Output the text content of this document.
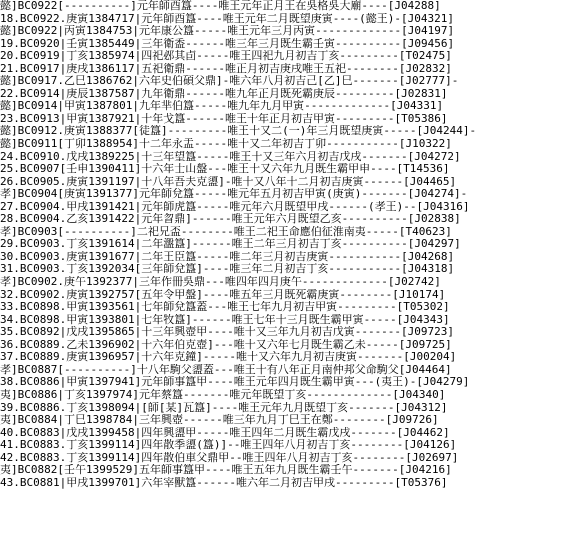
懿]BC0922[----------]元年師酉簋----唯王元年正月王在吳格吳大廟----[J04288]
18.BC0922.庚寅1384717|元年師酉簋----唯王元年二月既望庚寅----(懿王)-[J04321]
懿]BC0922|丙寅1384753|元年康公簋-----唯王元年三月丙寅-------------[J04197]
19.BC0920|壬寅1385449|三年衛盉------唯三年三月既生霸壬寅----------[J09456]
20.BC0919|丁亥1385974|四祀邲其卣-----唯王四祀九月初吉丁亥---------[T02475]
21.BC0917|庚戌1386117|五祀衛鼎------唯正月初吉庚戌唯王五祀--------[J02832]
懿]BC0917.乙巳1386762|六年史伯碩父鼎]-唯六年八月初吉己[乙]巳-------[J02777]-
22.BC0914|庚辰1387587|九年衛鼎------唯九年正月既死霸庚辰---------[J02831]
懿]BC0914|甲寅1387801|九年芈伯簋-----唯九年九月甲寅-------------[J04331]
23.BC0913|甲寅1387921|十年戈簋------唯王十年正月初吉甲寅---------[T05386]
懿]BC0912.庚寅1388377[徒簋]---------唯王十又二(一)年三月既望庚寅-----[J04244]-
懿]BC0911[丁卯1388954]十二年永盂-----唯十又二年初吉丁卯-----------[J10322]
24.BC0910.戊戌1389225|十三年望簋-----唯王十又三年六月初吉戊戌-------[J04272]
25.BC0907[壬申1390411]十六年士山盤---唯王十又六年九月既生霸甲申----[T14536]
26.BC0905.庚寅1391197|十八年吾夫克盨]-唯十又八年十二月初吉庚寅------[J04465]
孝]BC0904[庚寅1391377]元年師兌簋-----唯元年五月初吉甲寅(庚寅)-------[J04274]-
27.BC0904.甲戌1391421|元年師虎簋-----唯元年六月既望甲戌------(孝王)--[J04316]
28.BC0904.乙亥1391422|元年曶鼎]------唯王元年六月既望乙亥----------[J02838]
孝]BC0903[----------]二祀兄盃--------唯王二祀王命應伯征淮南夷-----[T40623]
29.BC0903.丁亥1391614|二年瀊簋]------唯王二年三月初吉丁亥----------[J04297]
30.BC0903.庚寅1391677|二年王臣簋-----唯二年三月初吉庚寅-----------[J04268]
31.BC0903.丁亥1392034[三年師兌簋]----唯三年二月初吉丁亥-----------[J04318]
孝]BC0902.庚午1392377|三年作冊吳鼎---唯四年四月庚午-------------[J02742]
32.BC0902.庚寅1392757[五年令甲盤]----唯五年三月既死霸庚寅--------[J10174]
33.BC0898.甲寅1393561|七年師兌簋蓋---唯王七年九月初吉甲寅---------[T05302]
34.BC0898.甲寅1393801|七年牧簋]------唯王七年十三月既生霸甲寅-----[J04343]
35.BC0892|戊戌1395865|十三年興壺甲----唯十又三年九月初吉戊寅-------[J09723]
36.BC0889.乙未1396902|十六年伯克壺]---唯十又六年七月既生霸乙未-----[J09725]
37.BC0889.庚寅1396957|十六年克鐘]-----唯十又六年九月初吉庚寅-------[J00204]
孝]BC0887[----------]十八年駒父盨蓋---唯王十有八年正月南仲邦父命駒父[J04464]
38.BC0886|甲寅1397941]元年師事簋甲----唯王元年四月既生霸甲寅---(夷王)-[J04279]
夷]BC0886|丁亥1397974]元年蔡簋-------唯元年既望丁亥-------------[J04340]
39.BC0886.丁亥1398094|[師[某]瓦簋]----唯王元年九月既望丁亥-------[J04312]
夷]BC0884|丁巳1398784|三年興壺------唯三年九月丁巳王在鄭--------[J09726]
40.BC0883|戊戌1399458|四年興盨甲-----唯王四年二月既生霸戊戌-------[J04462]
41.BC0883.丁亥1399114]四年散季盨(簋)]--唯王四年八月初吉丁亥--------[J04126]
42.BC0883.丁亥1399114]四年散伯車父鼎甲--唯王四年八月初吉丁亥--------[J02697]
夷]BC0882[壬午1399529]五年師事簋甲----唯王五年九月既生霸壬午-------[J04216]
43.BC0881|甲戌1399701]六年宰獸簋------唯六年二月初吉甲戌---------[T05376]
